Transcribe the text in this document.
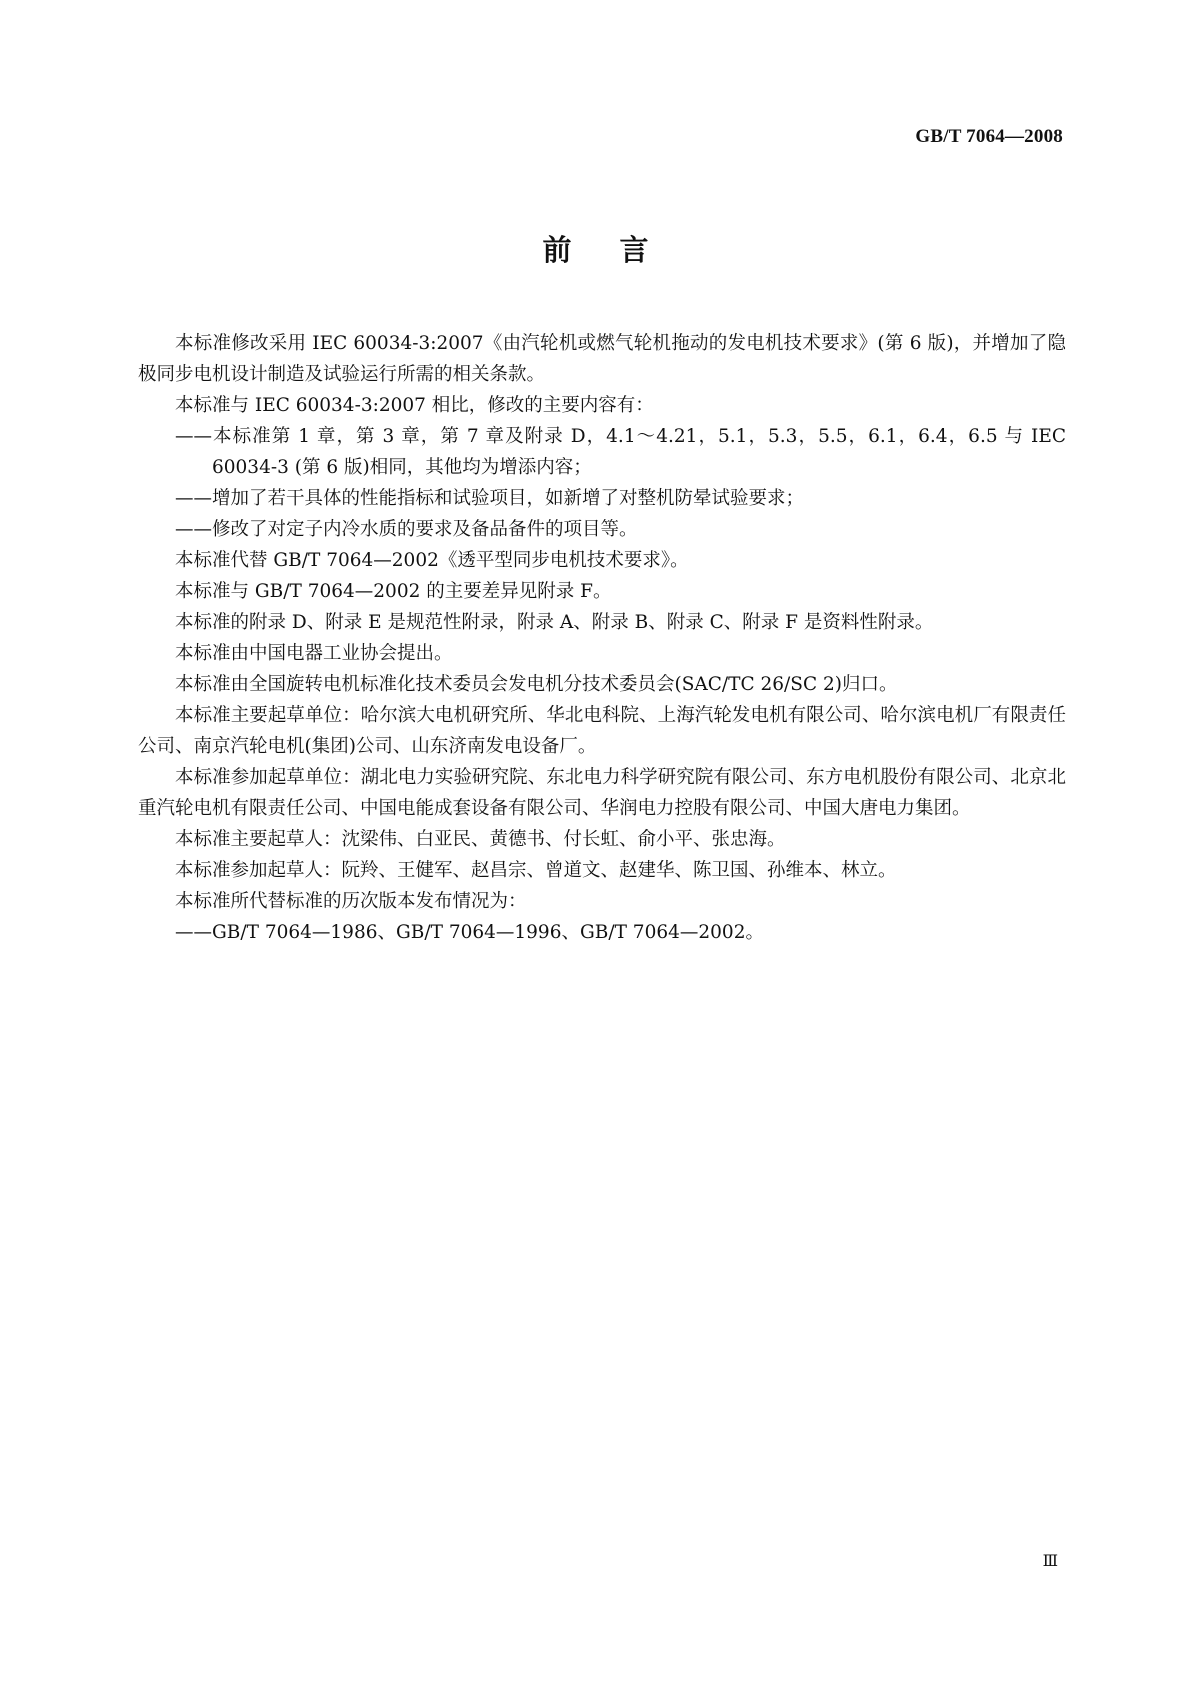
GB/T 7064—2008
前言

本标准修改采用 IEC 60034-3:2007《由汽轮机或燃气轮机拖动的发电机技术要求》(第 6 版)，并增加了隐极同步电机设计制造及试验运行所需的相关条款。

本标准与 IEC 60034-3:2007 相比，修改的主要内容有：

——本标准第 1 章，第 3 章，第 7 章及附录 D，4.1～4.21，5.1，5.3，5.5，6.1，6.4，6.5 与 IEC 60034-3 (第 6 版)相同，其他均为增添内容；

——增加了若干具体的性能指标和试验项目，如新增了对整机防晕试验要求；

——修改了对定子内冷水质的要求及备品备件的项目等。

本标准代替 GB/T 7064—2002《透平型同步电机技术要求》。

本标准与 GB/T 7064—2002 的主要差异见附录 F。

本标准的附录 D、附录 E 是规范性附录，附录 A、附录 B、附录 C、附录 F 是资料性附录。

本标准由中国电器工业协会提出。

本标准由全国旋转电机标准化技术委员会发电机分技术委员会(SAC/TC 26/SC 2)归口。

本标准主要起草单位：哈尔滨大电机研究所、华北电科院、上海汽轮发电机有限公司、哈尔滨电机厂有限责任公司、南京汽轮电机(集团)公司、山东济南发电设备厂。

本标准参加起草单位：湖北电力实验研究院、东北电力科学研究院有限公司、东方电机股份有限公司、北京北重汽轮电机有限责任公司、中国电能成套设备有限公司、华润电力控股有限公司、中国大唐电力集团。

本标准主要起草人：沈梁伟、白亚民、黄德书、付长虹、俞小平、张忠海。

本标准参加起草人：阮羚、王健军、赵昌宗、曾道文、赵建华、陈卫国、孙维本、林立。

本标准所代替标准的历次版本发布情况为：

——GB/T 7064—1986、GB/T 7064—1996、GB/T 7064—2002。

Ⅲ
